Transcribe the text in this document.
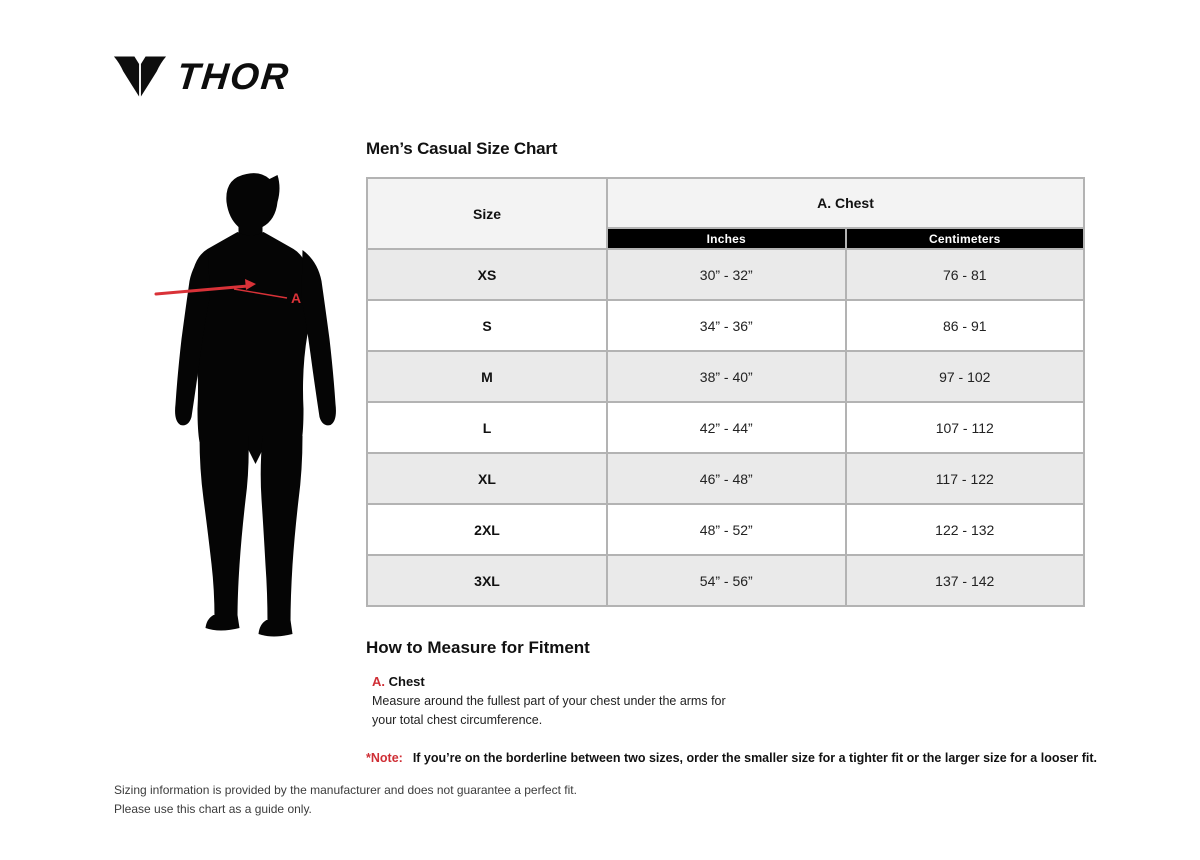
THOR
A
Men’s Casual Size Chart
Size	A. Chest	
	Inches	Centimeters
XS	30” - 32”	76 - 81
S	34” - 36”	86 - 91
M	38” - 40”	97 - 102
L	42” - 44”	107 - 112
XL	46” - 48”	117 - 122
2XL	48” - 52”	122 - 132
3XL	54” - 56”	137 - 142
How to Measure for Fitment
A. Chest
Measure around the fullest part of your chest under the arms for your total chest circumference.
*Note: If you’re on the borderline between two sizes, order the smaller size for a tighter fit or the larger size for a looser fit.
Sizing information is provided by the manufacturer and does not guarantee a perfect fit.
Please use this chart as a guide only.
